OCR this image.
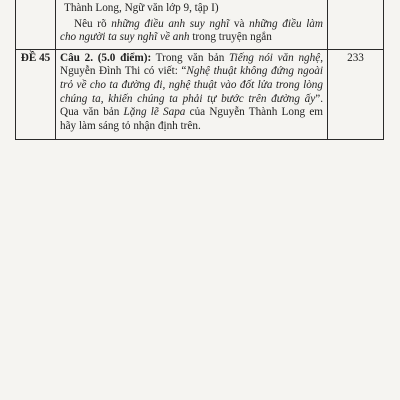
	Thành Long, Ngữ văn lớp 9, tập I)

Nêu rõ những điều anh suy nghĩ và những điều làm cho người ta suy nghĩ về anh trong truyện ngắn	

ĐỀ 45	Câu 2. (5.0 điểm): Trong văn bản Tiếng nói văn nghệ, Nguyễn Đình Thi có viết: “Nghệ thuật không đứng ngoài trỏ về cho ta đường đi, nghệ thuật vào đốt lửa trong lòng chúng ta, khiến chúng ta phải tự bước trên đường ấy”. Qua văn bản Lặng lẽ Sapa của Nguyễn Thành Long em hãy làm sáng tỏ nhận định trên.	233
